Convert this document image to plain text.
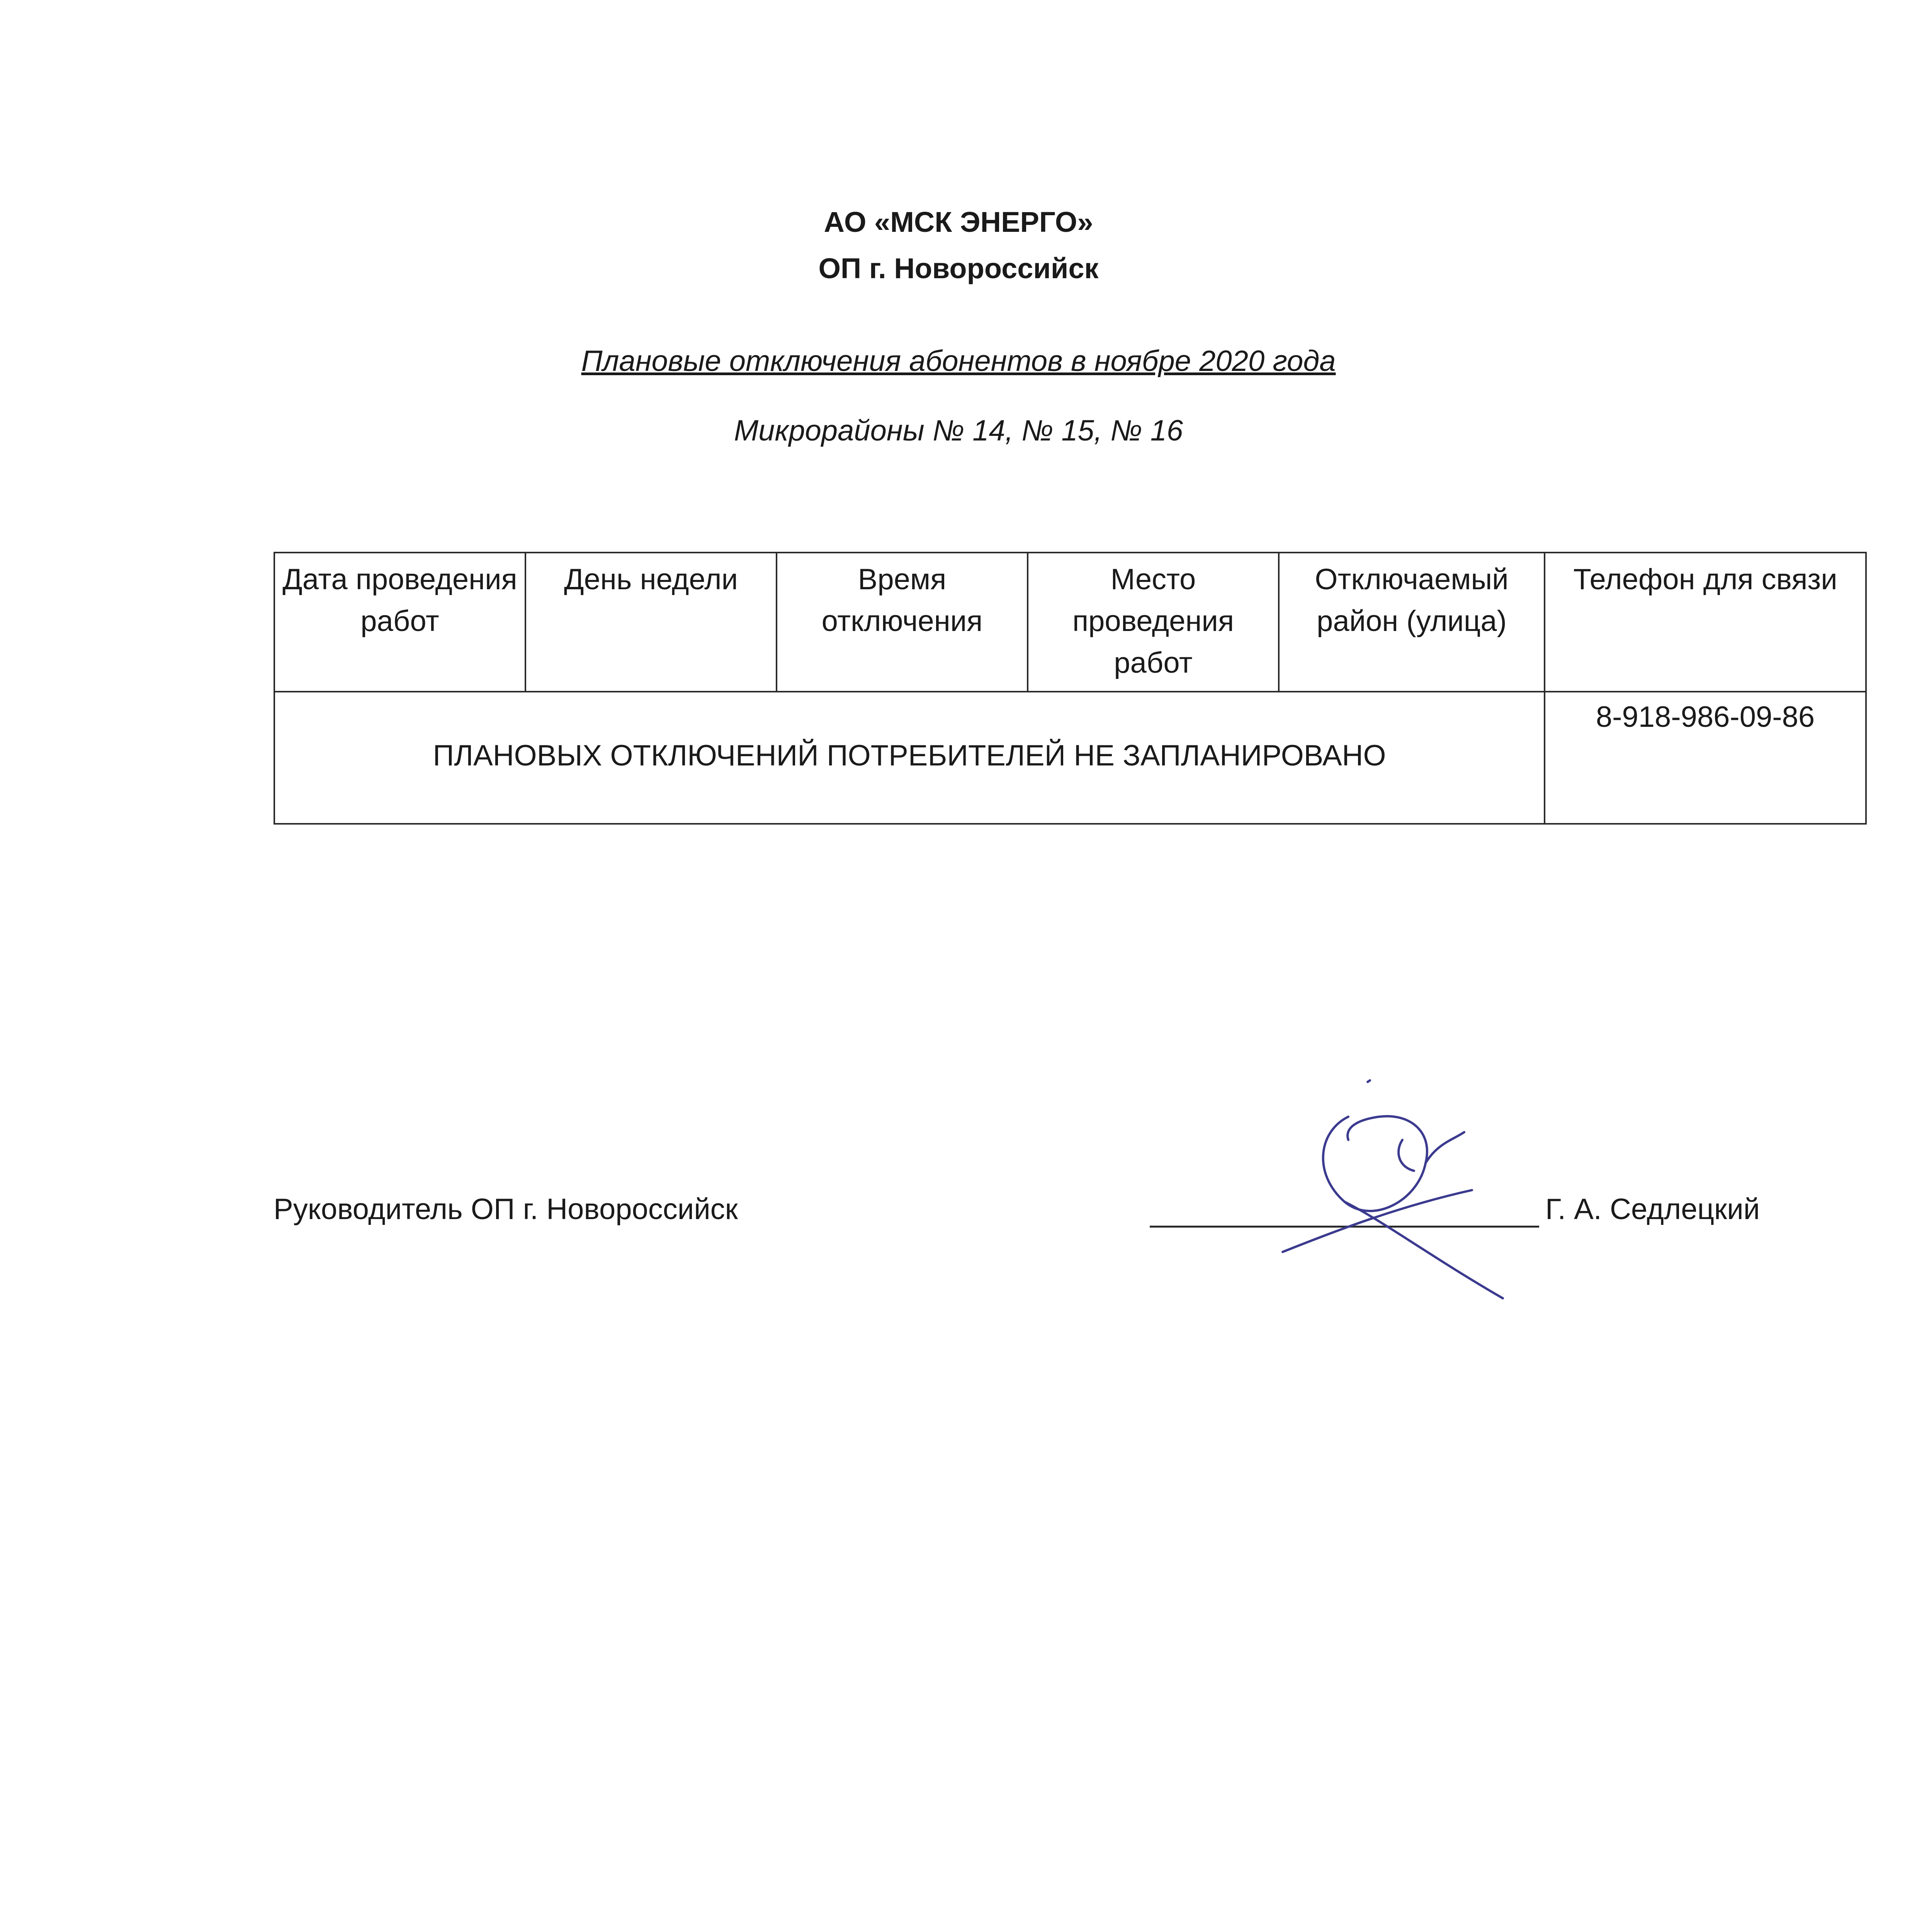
АО «МСК ЭНЕРГО»
ОП г. Новороссийск
Плановые отключения абонентов в ноябре 2020 года
Микрорайоны № 14, № 15, № 16
Дата проведения работ	День недели	Время отключения	Место проведения работ	Отключаемый район (улица)	Телефон для связи
ПЛАНОВЫХ ОТКЛЮЧЕНИЙ ПОТРЕБИТЕЛЕЙ НЕ ЗАПЛАНИРОВАНО					8-918-986-09-86
Руководитель ОП г. Новороссийск	Г. А. Седлецкий
